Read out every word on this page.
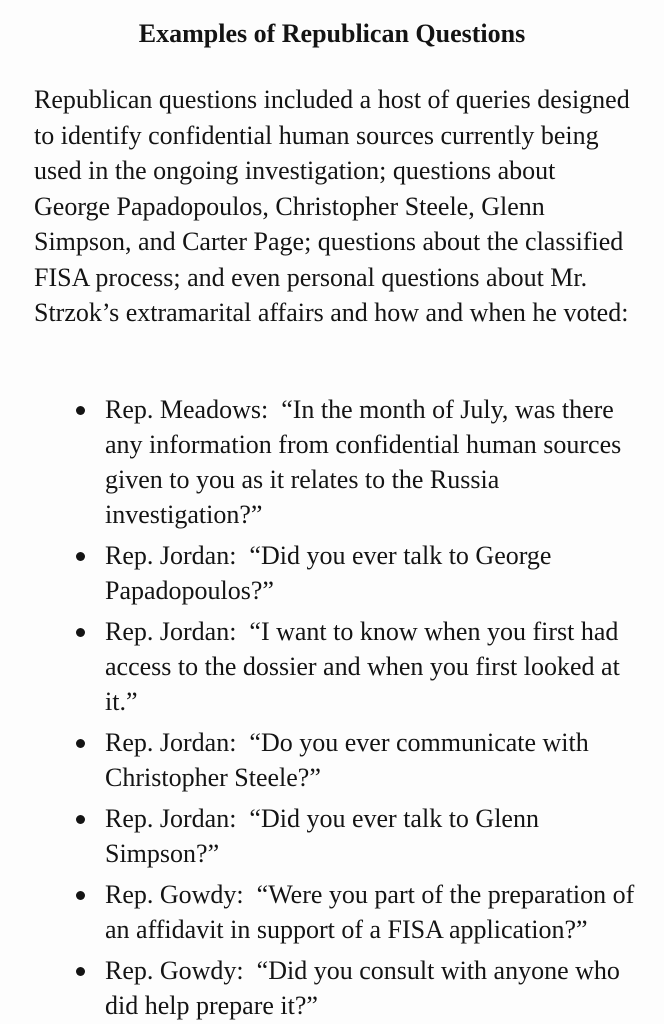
Examples of Republican Questions

Republican questions included a host of queries designed to identify confidential human sources currently being used in the ongoing investigation; questions about George Papadopoulos, Christopher Steele, Glenn Simpson, and Carter Page; questions about the classified FISA process; and even personal questions about Mr. Strzok’s extramarital affairs and how and when he voted:

Rep. Meadows: “In the month of July, was there any information from confidential human sources given to you as it relates to the Russia investigation?”
Rep. Jordan: “Did you ever talk to George Papadopoulos?”
Rep. Jordan: “I want to know when you first had access to the dossier and when you first looked at it.”
Rep. Jordan: “Do you ever communicate with Christopher Steele?”
Rep. Jordan: “Did you ever talk to Glenn Simpson?”
Rep. Gowdy: “Were you part of the preparation of an affidavit in support of a FISA application?”
Rep. Gowdy: “Did you consult with anyone who did help prepare it?”
